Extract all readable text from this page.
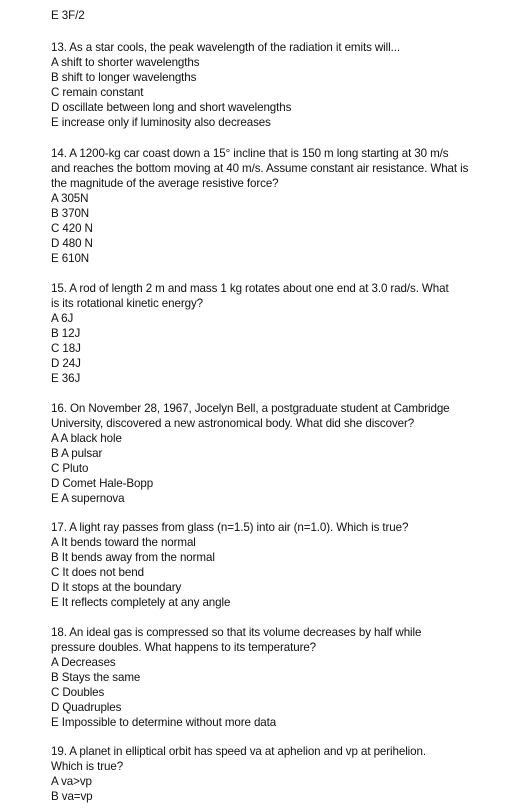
E 3F/2

13. As a star cools, the peak wavelength of the radiation it emits will...

A shift to shorter wavelengths

B shift to longer wavelengths

C remain constant

D oscillate between long and short wavelengths

E increase only if luminosity also decreases

14. A 1200-kg car coast down a 15° incline that is 150 m long starting at 30 m/s

and reaches the bottom moving at 40 m/s. Assume constant air resistance. What is

the magnitude of the average resistive force?

A 305N

B 370N

C 420 N

D 480 N

E 610N

15. A rod of length 2 m and mass 1 kg rotates about one end at 3.0 rad/s. What

is its rotational kinetic energy?

A 6J

B 12J

C 18J

D 24J

E 36J

16. On November 28, 1967, Jocelyn Bell, a postgraduate student at Cambridge

University, discovered a new astronomical body. What did she discover?

A A black hole

B A pulsar

C Pluto

D Comet Hale-Bopp

E A supernova

17. A light ray passes from glass (n=1.5) into air (n=1.0). Which is true?

A It bends toward the normal

B It bends away from the normal

C It does not bend

D It stops at the boundary

E It reflects completely at any angle

18. An ideal gas is compressed so that its volume decreases by half while

pressure doubles. What happens to its temperature?

A Decreases

B Stays the same

C Doubles

D Quadruples

E Impossible to determine without more data

19. A planet in elliptical orbit has speed va at aphelion and vp at perihelion.

Which is true?

A va>vp

B va=vp
